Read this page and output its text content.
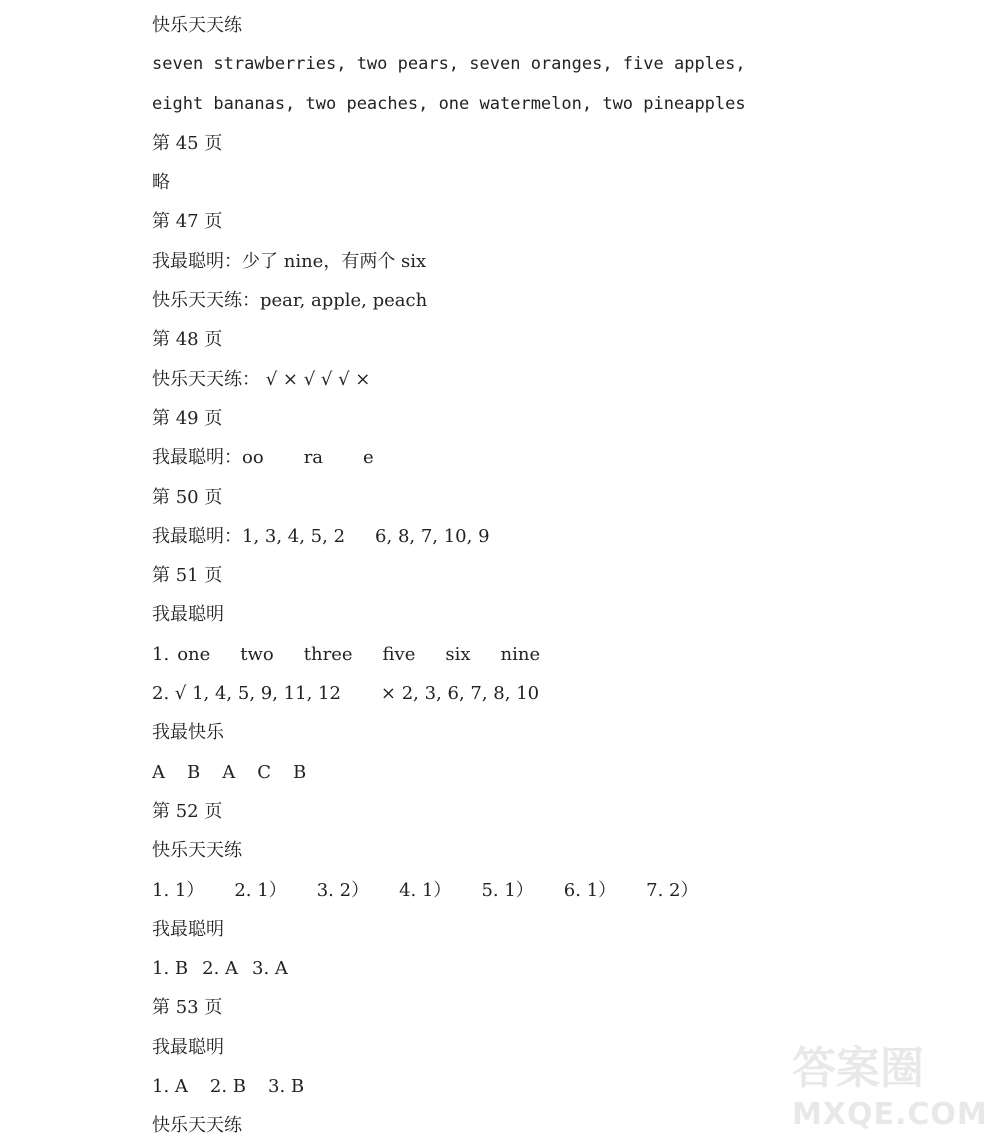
快乐天天练
seven strawberries, two pears, seven oranges, five apples,
eight bananas, two peaches, one watermelon, two pineapples
第 45 页
略
第 47 页
我最聪明：少了 nine，有两个 six
快乐天天练：pear, apple, peach
第 48 页
快乐天天练： √ × √ √ √ ×
第 49 页
我最聪明：oo ra e
第 50 页
我最聪明：1, 3, 4, 5, 2 6, 8, 7, 10, 9
第 51 页
我最聪明
1. one two three five six nine
2. √ 1, 4, 5, 9, 11, 12 × 2, 3, 6, 7, 8, 10
我最快乐
A B A C B
第 52 页
快乐天天练
1. 1） 2. 1） 3. 2） 4. 1） 5. 1） 6. 1） 7. 2）
我最聪明
1. B 2. A 3. A
第 53 页
我最聪明
1. A 2. B 3. B
快乐天天练
答案圈
MXQE.COM
